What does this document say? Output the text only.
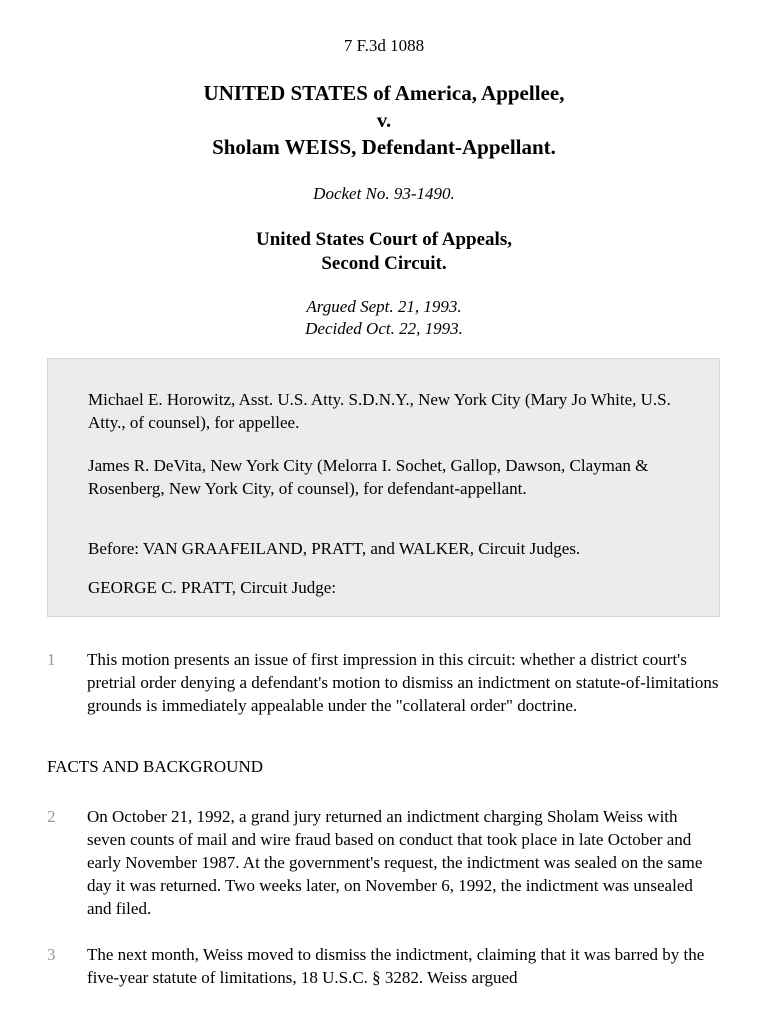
7 F.3d 1088
UNITED STATES of America, Appellee,
v.
Sholam WEISS, Defendant-Appellant.
Docket No. 93-1490.
United States Court of Appeals,
Second Circuit.
Argued Sept. 21, 1993.
Decided Oct. 22, 1993.

Michael E. Horowitz, Asst. U.S. Atty. S.D.N.Y., New York City (Mary Jo White, U.S. Atty., of counsel), for appellee.

James R. DeVita, New York City (Melorra I. Sochet, Gallop, Dawson, Clayman & Rosenberg, New York City, of counsel), for defendant-appellant.

Before: VAN GRAAFEILAND, PRATT, and WALKER, Circuit Judges.

GEORGE C. PRATT, Circuit Judge:

1 This motion presents an issue of first impression in this circuit: whether a district court's pretrial order denying a defendant's motion to dismiss an indictment on statute-of-limitations grounds is immediately appealable under the "collateral order" doctrine.

FACTS AND BACKGROUND
2 On October 21, 1992, a grand jury returned an indictment charging Sholam Weiss with seven counts of mail and wire fraud based on conduct that took place in late October and early November 1987. At the government's request, the indictment was sealed on the same day it was returned. Two weeks later, on November 6, 1992, the indictment was unsealed and filed.

3 The next month, Weiss moved to dismiss the indictment, claiming that it was barred by the five-year statute of limitations, 18 U.S.C. § 3282. Weiss argued
